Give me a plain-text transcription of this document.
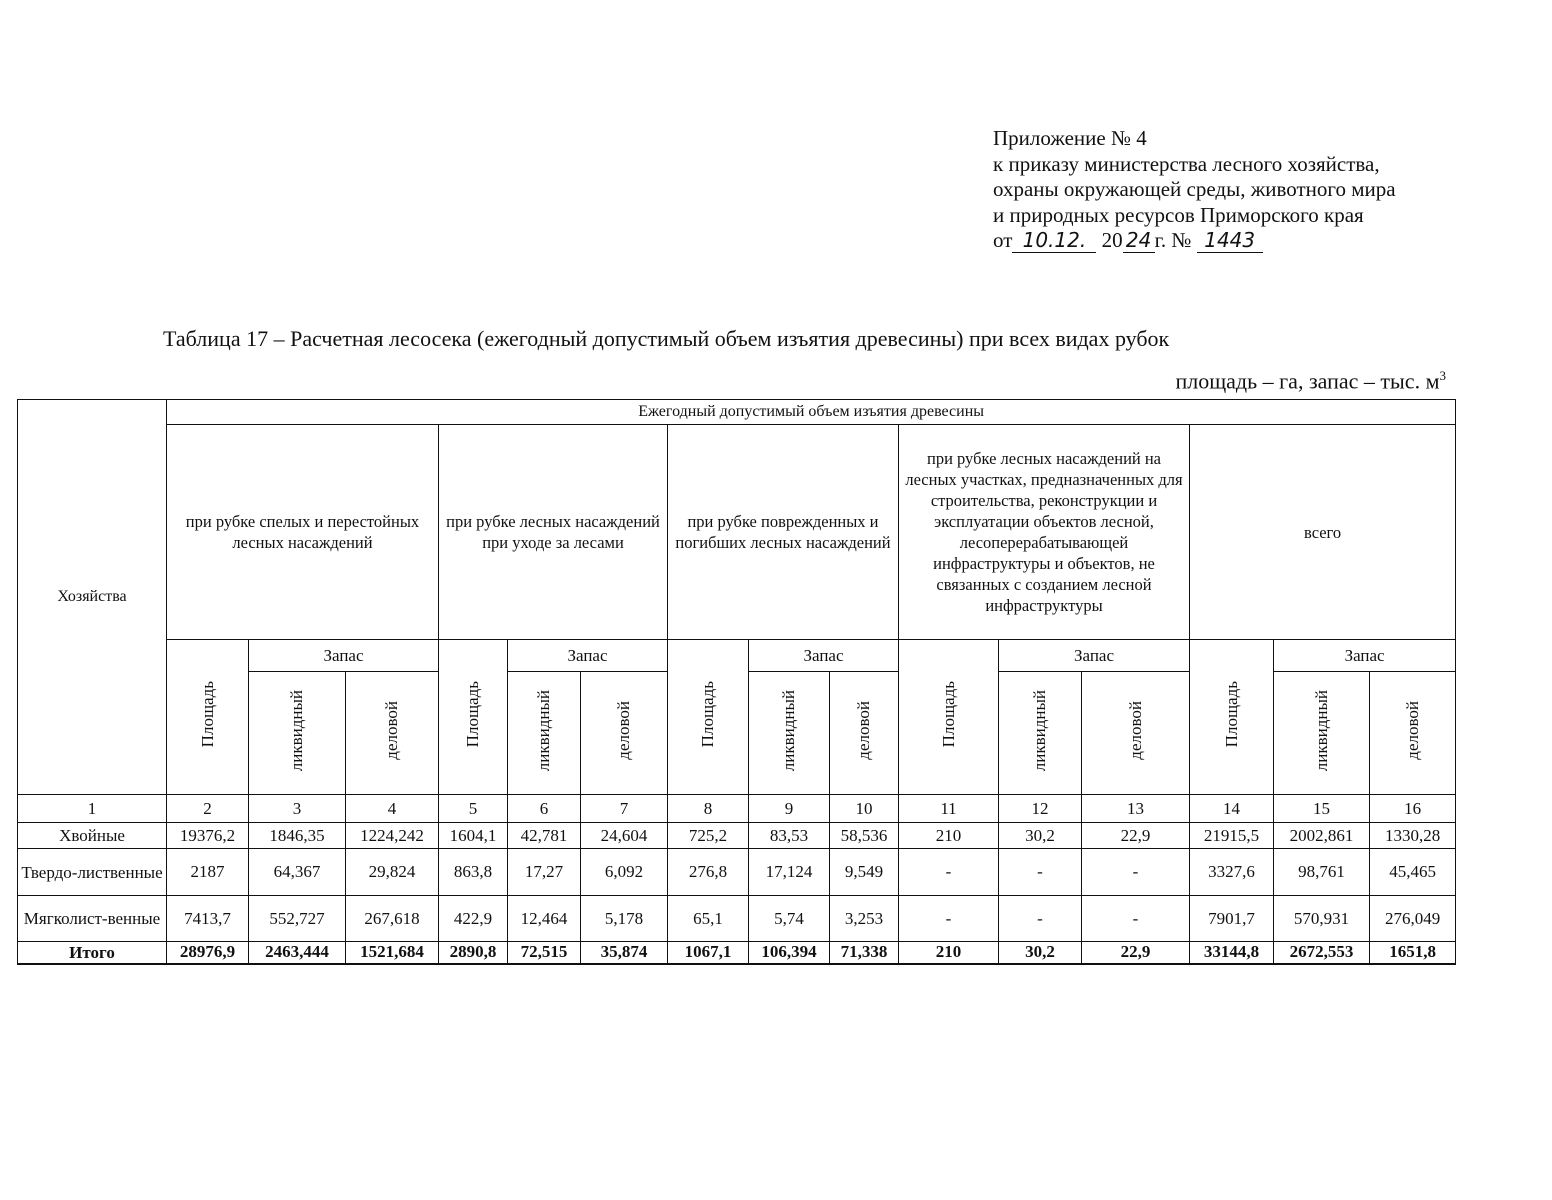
Приложение № 4
к приказу министерства лесного хозяйства,
охраны окружающей среды, животного мира
и природных ресурсов Приморского края
от 10.12. 20 24 г. № 1443
Таблица 17 – Расчетная лесосека (ежегодный допустимый объем изъятия древесины) при всех видах рубок
площадь – га, запас – тыс. $м^3$
Хозяйства	Ежегодный допустимый объем изъятия древесины														
	при рубке спелых и перестойных лесных насаждений			при рубке лесных насаждений при уходе за лесами			при рубке поврежденных и погибших лесных насаждений			при рубке лесных насаждений на лесных участках, предназначенных для строительства, реконструкции и эксплуатации объектов лесной, лесоперерабатывающей инфраструктуры и объектов, не связанных с созданием лесной инфраструктуры			всего		
	Площадь	Запас		Площадь	Запас		Площадь	Запас		Площадь	Запас		Площадь	Запас	
		ликвидный	деловой		ликвидный	деловой		ликвидный	деловой		ликвидный	деловой		ликвидный	деловой
1	2	3	4	5	6	7	8	9	10	11	12	13	14	15	16
Хвойные	19376,2	1846,35	1224,242	1604,1	42,781	24,604	725,2	83,53	58,536	210	30,2	22,9	21915,5	2002,861	1330,28
Твердо-лиственные	2187	64,367	29,824	863,8	17,27	6,092	276,8	17,124	9,549	-	-	-	3327,6	98,761	45,465
Мягколист-венные	7413,7	552,727	267,618	422,9	12,464	5,178	65,1	5,74	3,253	-	-	-	7901,7	570,931	276,049
Итого	28976,9	2463,444	1521,684	2890,8	72,515	35,874	1067,1	106,394	71,338	210	30,2	22,9	33144,8	2672,553	1651,8
